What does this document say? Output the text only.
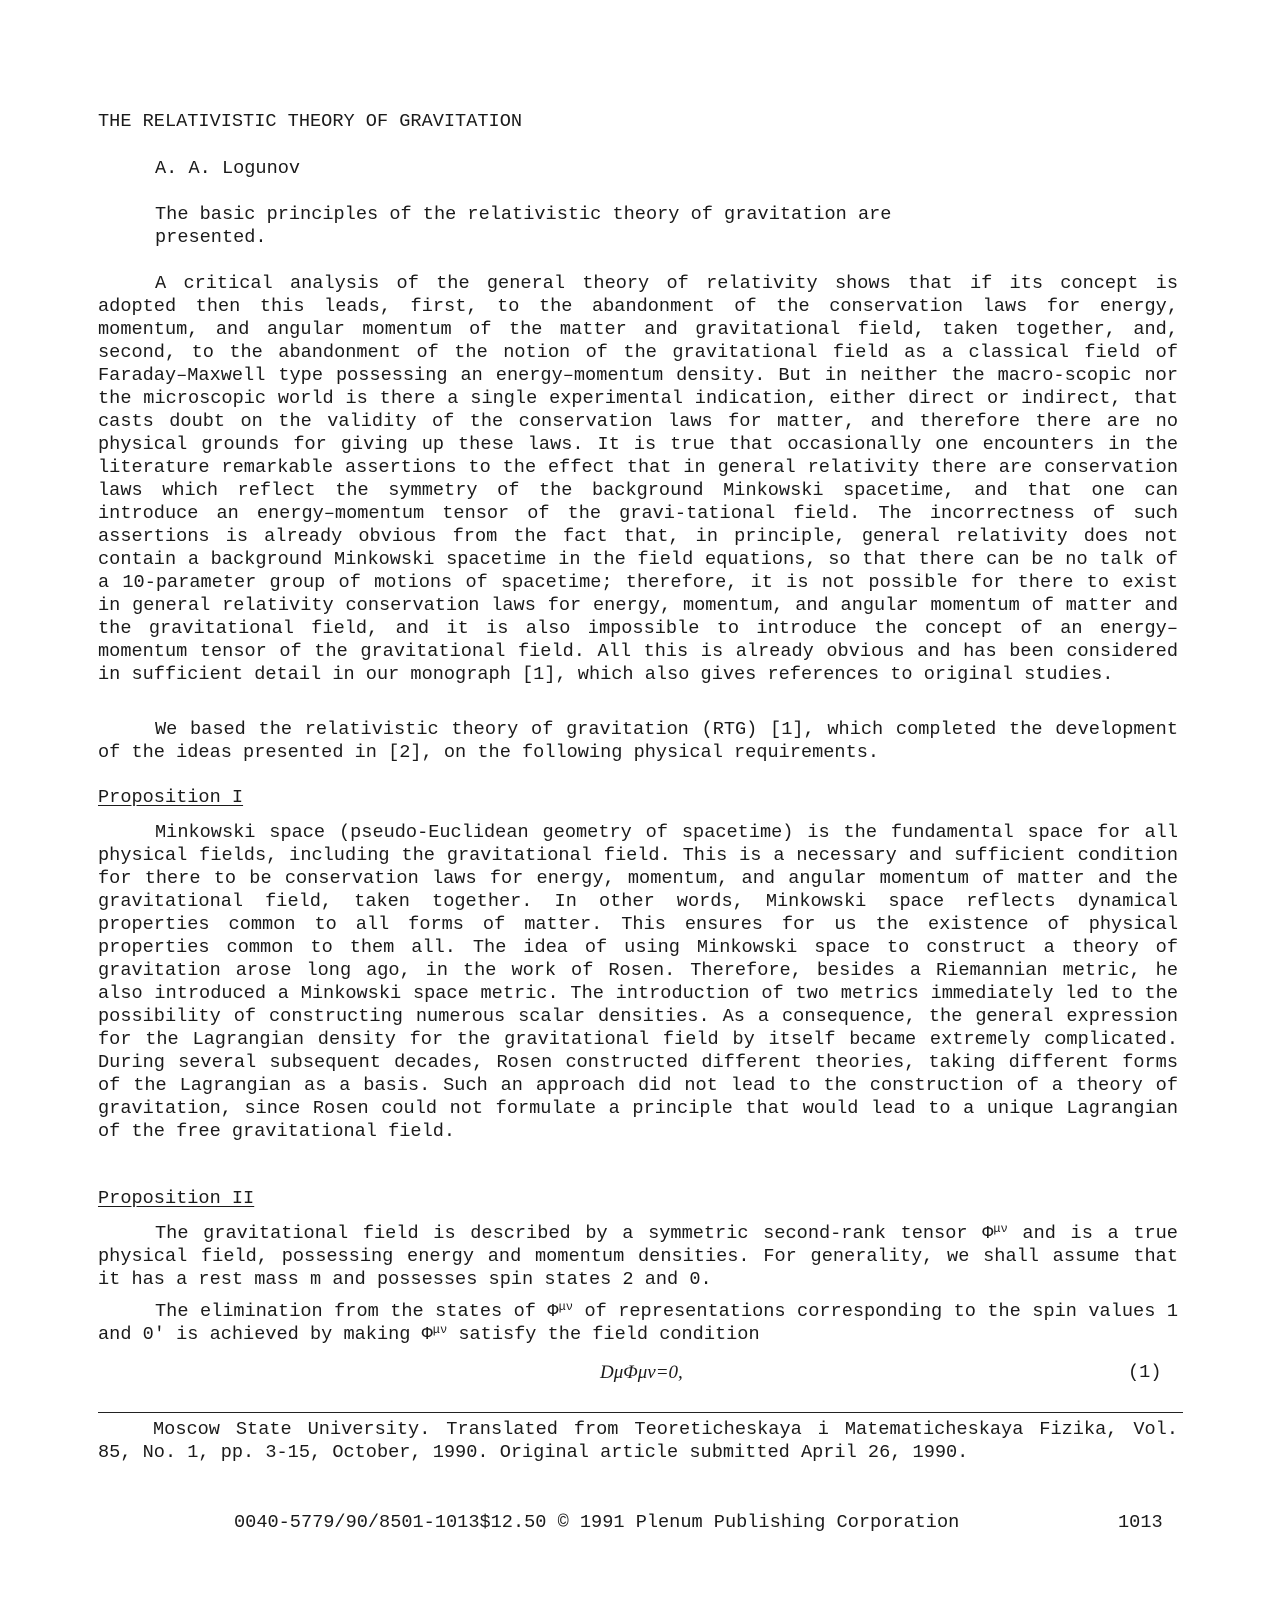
THE RELATIVISTIC THEORY OF GRAVITATION

A. A. Logunov

The basic principles of the relativistic theory of gravitation are presented.

A critical analysis of the general theory of relativity shows that if its concept is adopted then this leads, first, to the abandonment of the conservation laws for energy, momentum, and angular momentum of the matter and gravitational field, taken together, and, second, to the abandonment of the notion of the gravitational field as a classical field of Faraday–Maxwell type possessing an energy–momentum density. But in neither the macro-scopic nor the microscopic world is there a single experimental indication, either direct or indirect, that casts doubt on the validity of the conservation laws for matter, and therefore there are no physical grounds for giving up these laws. It is true that occasionally one encounters in the literature remarkable assertions to the effect that in general relativity there are conservation laws which reflect the symmetry of the background Minkowski spacetime, and that one can introduce an energy–momentum tensor of the gravi-tational field. The incorrectness of such assertions is already obvious from the fact that, in principle, general relativity does not contain a background Minkowski spacetime in the field equations, so that there can be no talk of a 10-parameter group of motions of spacetime; therefore, it is not possible for there to exist in general relativity conservation laws for energy, momentum, and angular momentum of matter and the gravitational field, and it is also impossible to introduce the concept of an energy–momentum tensor of the gravitational field. All this is already obvious and has been considered in sufficient detail in our monograph [1], which also gives references to original studies.

We based the relativistic theory of gravitation (RTG) [1], which completed the development of the ideas presented in [2], on the following physical requirements.

Proposition I

Minkowski space (pseudo-Euclidean geometry of spacetime) is the fundamental space for all physical fields, including the gravitational field. This is a necessary and sufficient condition for there to be conservation laws for energy, momentum, and angular momentum of matter and the gravitational field, taken together. In other words, Minkowski space reflects dynamical properties common to all forms of matter. This ensures for us the existence of physical properties common to them all. The idea of using Minkowski space to construct a theory of gravitation arose long ago, in the work of Rosen. Therefore, besides a Riemannian metric, he also introduced a Minkowski space metric. The introduction of two metrics immediately led to the possibility of constructing numerous scalar densities. As a consequence, the general expression for the Lagrangian density for the gravitational field by itself became extremely complicated. During several subsequent decades, Rosen constructed different theories, taking different forms of the Lagrangian as a basis. Such an approach did not lead to the construction of a theory of gravitation, since Rosen could not formulate a principle that would lead to a unique Lagrangian of the free gravitational field.

Proposition II

The gravitational field is described by a symmetric second-rank tensor $\Phi^{\mu\nu}$ and is a true physical field, possessing energy and momentum densities. For generality, we shall assume that it has a rest mass m and possesses spin states 2 and 0.

The elimination from the states of $\Phi^{\mu\nu}$ of representations corresponding to the spin values 1 and 0′ is achieved by making $\Phi^{\mu\nu}$ satisfy the field condition

DμΦμν=0,	(1)

Moscow State University. Translated from Teoreticheskaya i Matematicheskaya Fizika, Vol. 85, No. 1, pp. 3-15, October, 1990. Original article submitted April 26, 1990.

0040-5779/90/8501-1013$12.50 © 1991 Plenum Publishing Corporation	1013
